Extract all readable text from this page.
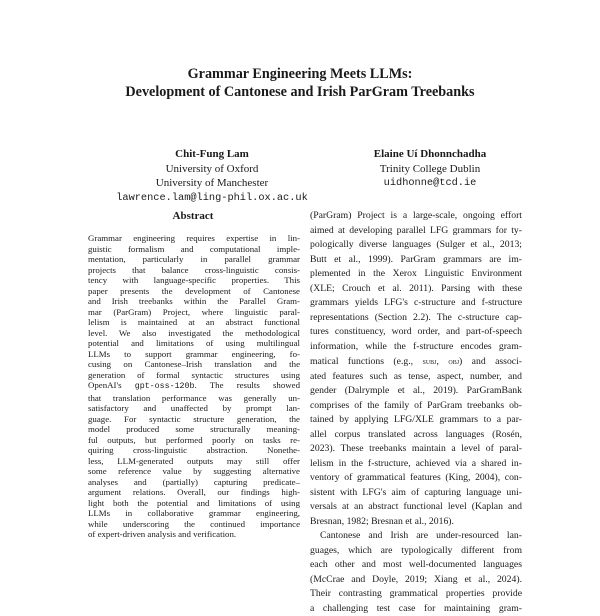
Grammar Engineering Meets LLMs:
Development of Cantonese and Irish ParGram Treebanks
Chit-Fung Lam
University of Oxford
University of Manchester
lawrence.lam@ling-phil.ox.ac.uk
Elaine Uí Dhonnchadha
Trinity College Dublin
uidhonne@tcd.ie
Abstract
Grammar engineering requires expertise in lin-
guistic formalism and computational imple-
mentation, particularly in parallel grammar
projects that balance cross-linguistic consis-
tency with language-specific properties. This
paper presents the development of Cantonese
and Irish treebanks within the Parallel Gram-
mar (ParGram) Project, where linguistic paral-
lelism is maintained at an abstract functional
level. We also investigated the methodological
potential and limitations of using multilingual
LLMs to support grammar engineering, fo-
cusing on Cantonese–Irish translation and the
generation of formal syntactic structures using
OpenAI's gpt-oss-120b. The results showed
that translation performance was generally un-
satisfactory and unaffected by prompt lan-
guage. For syntactic structure generation, the
model produced some structurally meaning-
ful outputs, but performed poorly on tasks re-
quiring cross-linguistic abstraction. Nonethe-
less, LLM-generated outputs may still offer
some reference value by suggesting alternative
analyses and (partially) capturing predicate–
argument relations. Overall, our findings high-
light both the potential and limitations of using
LLMs in collaborative grammar engineering,
while underscoring the continued importance
of expert-driven analysis and verification.
(ParGram) Project is a large-scale, ongoing effort
aimed at developing parallel LFG grammars for ty-
pologically diverse languages (Sulger et al., 2013;
Butt et al., 1999). ParGram grammars are im-
plemented in the Xerox Linguistic Environment
(XLE; Crouch et al. 2011). Parsing with these
grammars yields LFG's c-structure and f-structure
representations (Section 2.2). The c-structure cap-
tures constituency, word order, and part-of-speech
information, while the f-structure encodes gram-
matical functions (e.g., subj, obj) and associ-
ated features such as tense, aspect, number, and
gender (Dalrymple et al., 2019). ParGramBank
comprises of the family of ParGram treebanks ob-
tained by applying LFG/XLE grammars to a par-
allel corpus translated across languages (Rosén,
2023). These treebanks maintain a level of paral-
lelism in the f-structure, achieved via a shared in-
ventory of grammatical features (King, 2004), con-
sistent with LFG's aim of capturing language uni-
versals at an abstract functional level (Kaplan and
Bresnan, 1982; Bresnan et al., 2016).
Cantonese and Irish are under-resourced lan-
guages, which are typologically different from
each other and most well-documented languages
(McCrae and Doyle, 2019; Xiang et al., 2024).
Their contrasting grammatical properties provide
a challenging test case for maintaining gram-
